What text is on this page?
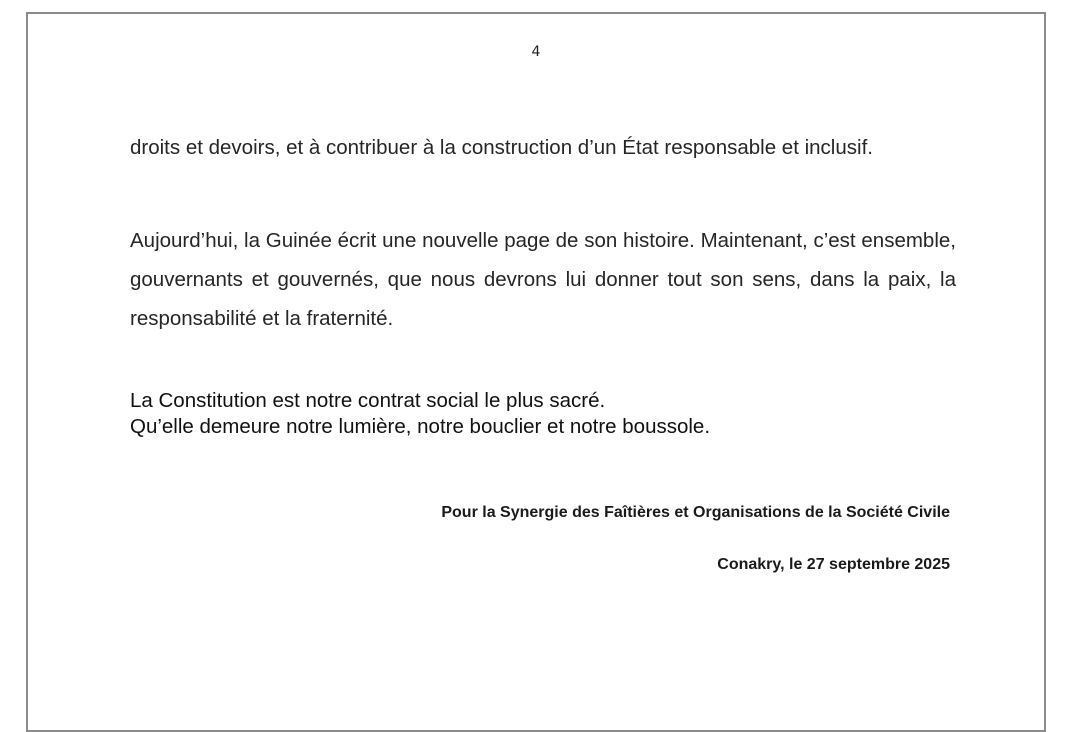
4

droits et devoirs, et à contribuer à la construction d’un État responsable et inclusif.

Aujourd’hui, la Guinée écrit une nouvelle page de son histoire. Maintenant, c’est ensemble, gouvernants et gouvernés, que nous devrons lui donner tout son sens, dans la paix, la responsabilité et la fraternité.

La Constitution est notre contrat social le plus sacré.
Qu’elle demeure notre lumière, notre bouclier et notre boussole.

Pour la Synergie des Faîtières et Organisations de la Société Civile

Conakry, le 27 septembre 2025
